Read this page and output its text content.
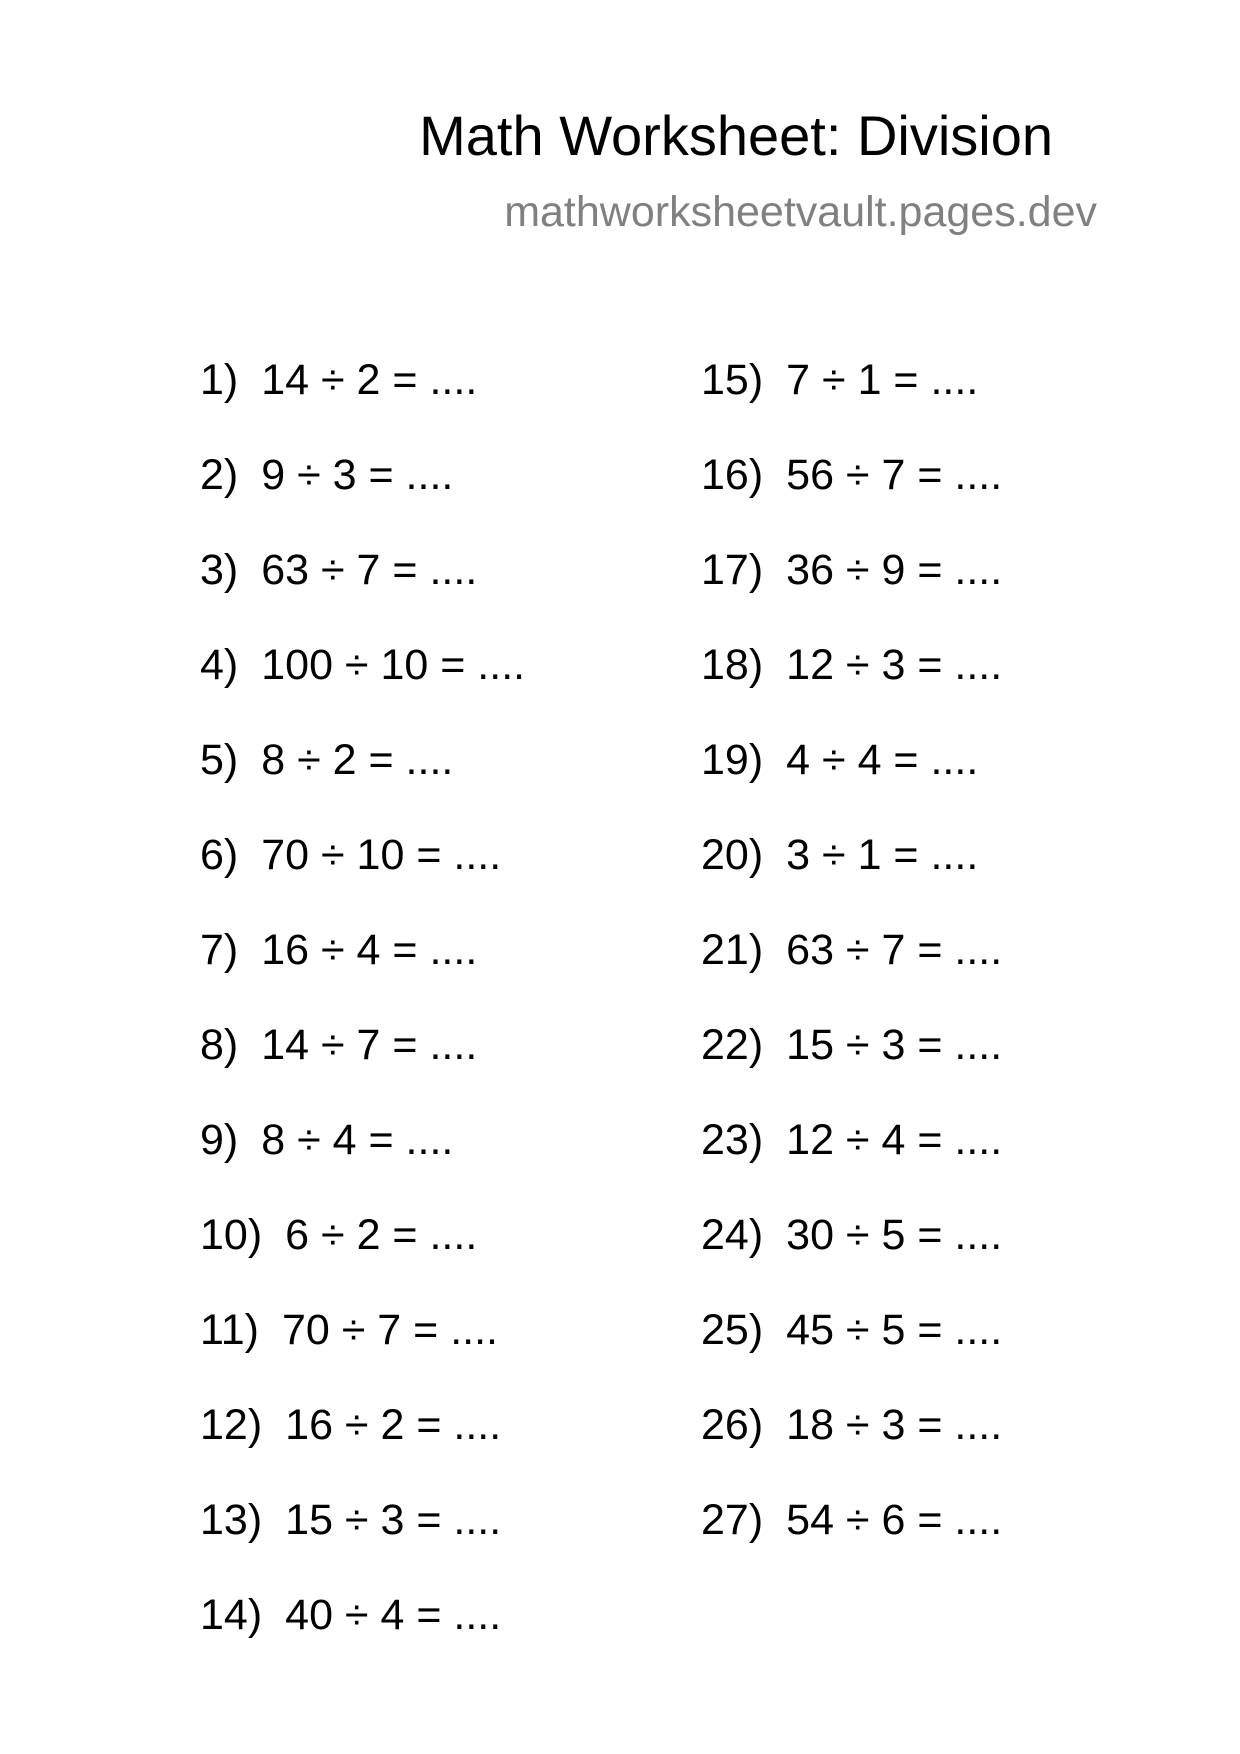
Math Worksheet: Division
mathworksheetvault.pages.dev
1) 14 ÷ 2 = ....
2) 9 ÷ 3 = ....
3) 63 ÷ 7 = ....
4) 100 ÷ 10 = ....
5) 8 ÷ 2 = ....
6) 70 ÷ 10 = ....
7) 16 ÷ 4 = ....
8) 14 ÷ 7 = ....
9) 8 ÷ 4 = ....
10) 6 ÷ 2 = ....
11) 70 ÷ 7 = ....
12) 16 ÷ 2 = ....
13) 15 ÷ 3 = ....
14) 40 ÷ 4 = ....
15) 7 ÷ 1 = ....
16) 56 ÷ 7 = ....
17) 36 ÷ 9 = ....
18) 12 ÷ 3 = ....
19) 4 ÷ 4 = ....
20) 3 ÷ 1 = ....
21) 63 ÷ 7 = ....
22) 15 ÷ 3 = ....
23) 12 ÷ 4 = ....
24) 30 ÷ 5 = ....
25) 45 ÷ 5 = ....
26) 18 ÷ 3 = ....
27) 54 ÷ 6 = ....
